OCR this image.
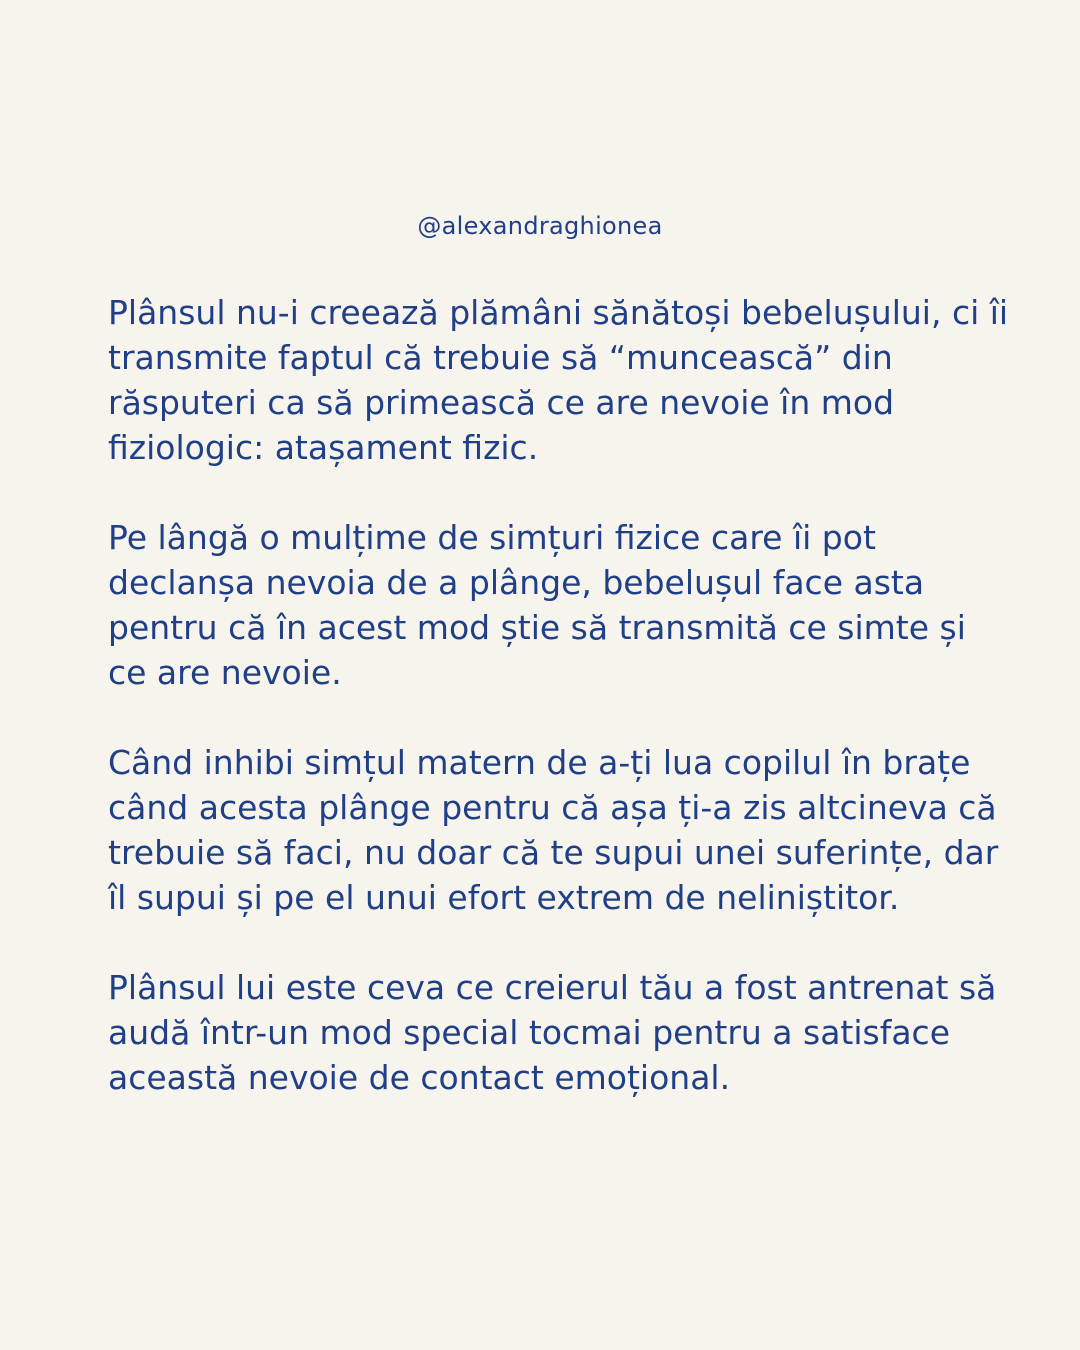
@alexandraghionea

Plânsul nu-i creează plămâni sănătoși bebelușului, ci îi
transmite faptul că trebuie să “muncească” din
răsputeri ca să primească ce are nevoie în mod
fiziologic: atașament fizic.

Pe lângă o mulțime de simțuri fizice care îi pot
declanșa nevoia de a plânge, bebelușul face asta
pentru că în acest mod știe să transmită ce simte și
ce are nevoie.

Când inhibi simțul matern de a-ți lua copilul în brațe
când acesta plânge pentru că așa ți-a zis altcineva că
trebuie să faci, nu doar că te supui unei suferințe, dar
îl supui și pe el unui efort extrem de neliniștitor.

Plânsul lui este ceva ce creierul tău a fost antrenat să
audă într-un mod special tocmai pentru a satisface
această nevoie de contact emoțional.
